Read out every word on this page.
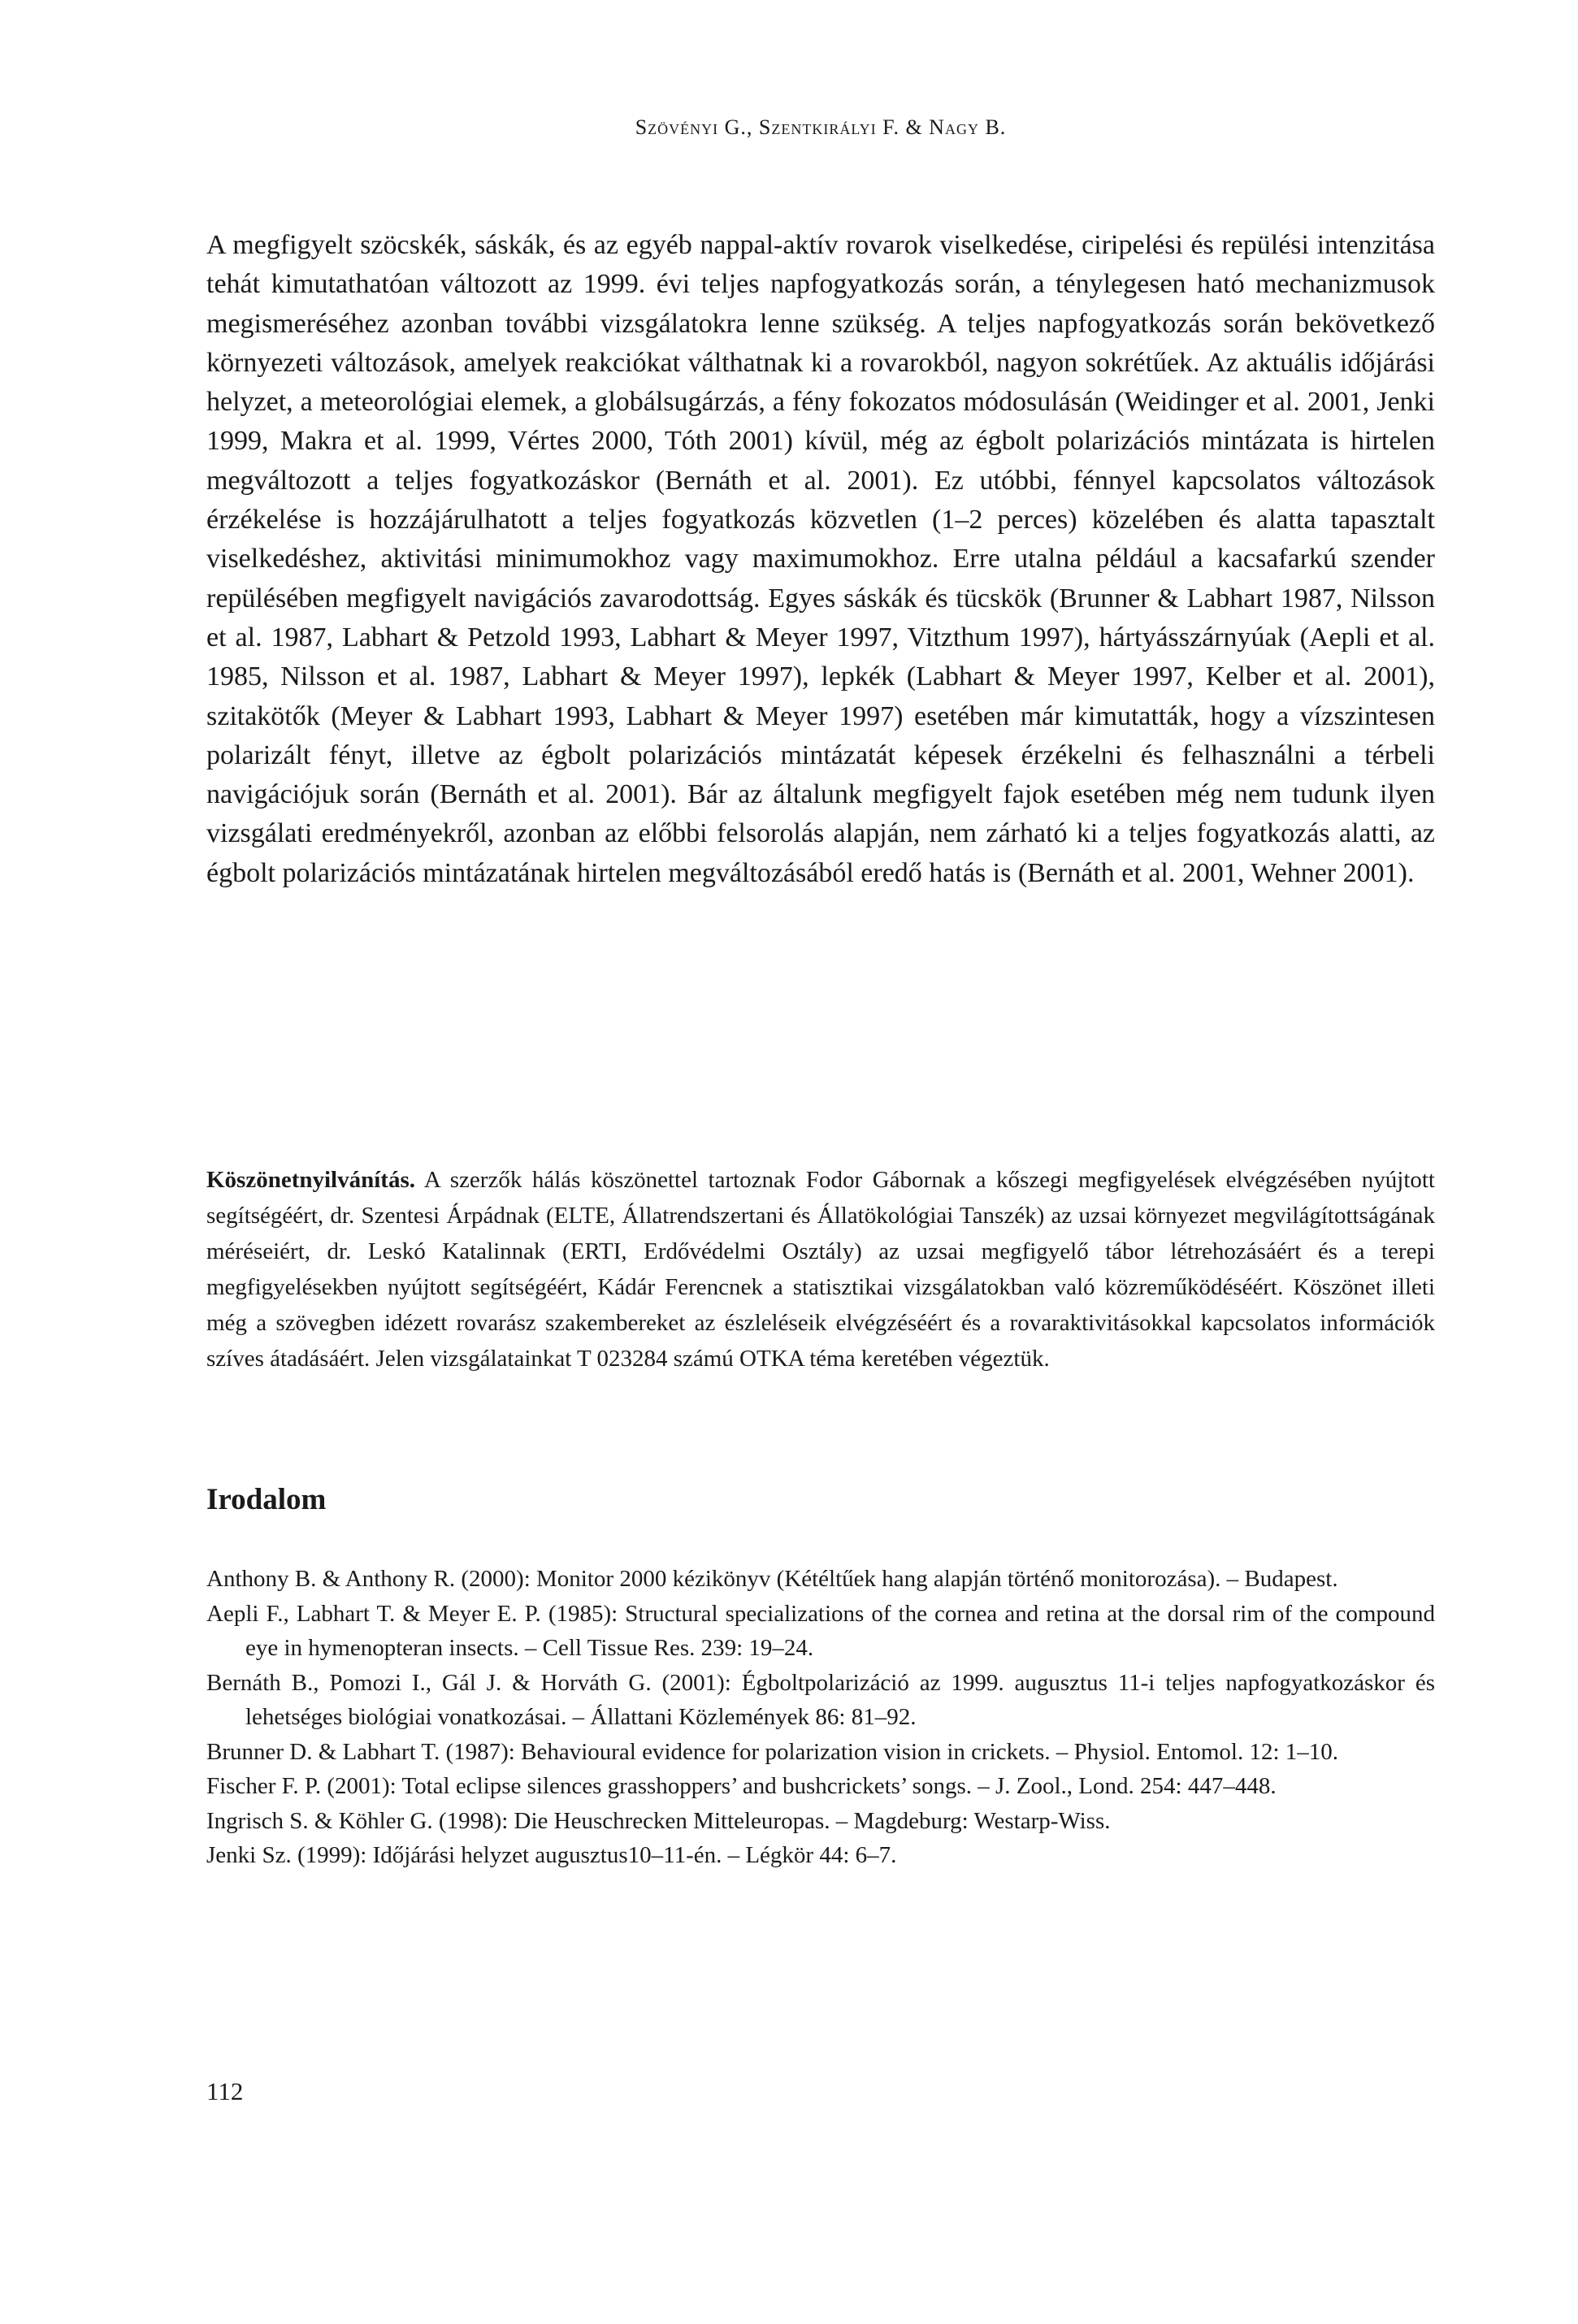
Szövényi G., Szentkirályi F. & Nagy B.

A megfigyelt szöcskék, sáskák, és az egyéb nappal-aktív rovarok viselkedése, ciripelési és repülési intenzitása tehát kimutathatóan változott az 1999. évi teljes napfogyatkozás során, a ténylegesen ható mechanizmusok megismeréséhez azonban további vizsgálatokra lenne szükség. A teljes napfogyatkozás során bekövetkező környezeti változások, amelyek reakciókat válthatnak ki a rovarokból, nagyon sokrétűek. Az aktuális időjárási helyzet, a meteorológiai elemek, a globálsugárzás, a fény fokozatos módosulásán (Weidinger et al. 2001, Jenki 1999, Makra et al. 1999, Vértes 2000, Tóth 2001) kívül, még az égbolt polarizációs mintázata is hirtelen megváltozott a teljes fogyatkozáskor (Bernáth et al. 2001). Ez utóbbi, fénnyel kapcsolatos változások érzékelése is hozzájárulhatott a teljes fogyatkozás közvetlen (1–2 perces) közelében és alatta tapasztalt viselkedéshez, aktivitási minimumokhoz vagy maximumokhoz. Erre utalna például a kacsafarkú szender repülésében megfigyelt navigációs zavarodottság. Egyes sáskák és tücskök (Brunner & Labhart 1987, Nilsson et al. 1987, Labhart & Petzold 1993, Labhart & Meyer 1997, Vitzthum 1997), hártyásszárnyúak (Aepli et al. 1985, Nilsson et al. 1987, Labhart & Meyer 1997), lepkék (Labhart & Meyer 1997, Kelber et al. 2001), szitakötők (Meyer & Labhart 1993, Labhart & Meyer 1997) esetében már kimutatták, hogy a vízszintesen polarizált fényt, illetve az égbolt polarizációs mintázatát képesek érzékelni és felhasználni a térbeli navigációjuk során (Bernáth et al. 2001). Bár az általunk megfigyelt fajok esetében még nem tudunk ilyen vizsgálati eredményekről, azonban az előbbi felsorolás alapján, nem zárható ki a teljes fogyatkozás alatti, az égbolt polarizációs mintázatának hirtelen megváltozásából eredő hatás is (Bernáth et al. 2001, Wehner 2001).

Köszönetnyilvánítás. A szerzők hálás köszönettel tartoznak Fodor Gábornak a kőszegi megfigyelések elvégzésében nyújtott segítségéért, dr. Szentesi Árpádnak (ELTE, Állatrendszertani és Állatökológiai Tanszék) az uzsai környezet megvilágítottságának méréseiért, dr. Leskó Katalinnak (ERTI, Erdővédelmi Osztály) az uzsai megfigyelő tábor létrehozásáért és a terepi megfigyelésekben nyújtott segítségéért, Kádár Ferencnek a statisztikai vizsgálatokban való közreműködéséért. Köszönet illeti még a szövegben idézett rovarász szakembereket az észleléseik elvégzéséért és a rovaraktivitásokkal kapcsolatos információk szíves átadásáért. Jelen vizsgálatainkat T 023284 számú OTKA téma keretében végeztük.

Irodalom
Anthony B. & Anthony R. (2000): Monitor 2000 kézikönyv (Kétéltűek hang alapján történő monitorozása). – Budapest.
Aepli F., Labhart T. & Meyer E. P. (1985): Structural specializations of the cornea and retina at the dorsal rim of the compound eye in hymenopteran insects. – Cell Tissue Res. 239: 19–24.
Bernáth B., Pomozi I., Gál J. & Horváth G. (2001): Égboltpolarizáció az 1999. augusztus 11-i teljes napfogyatkozáskor és lehetséges biológiai vonatkozásai. – Állattani Közlemények 86: 81–92.
Brunner D. & Labhart T. (1987): Behavioural evidence for polarization vision in crickets. – Physiol. Entomol. 12: 1–10.
Fischer F. P. (2001): Total eclipse silences grasshoppers’ and bushcrickets’ songs. – J. Zool., Lond. 254: 447–448.
Ingrisch S. & Köhler G. (1998): Die Heuschrecken Mitteleuropas. – Magdeburg: Westarp-Wiss.
Jenki Sz. (1999): Időjárási helyzet augusztus10–11-én. – Légkör 44: 6–7.
112
